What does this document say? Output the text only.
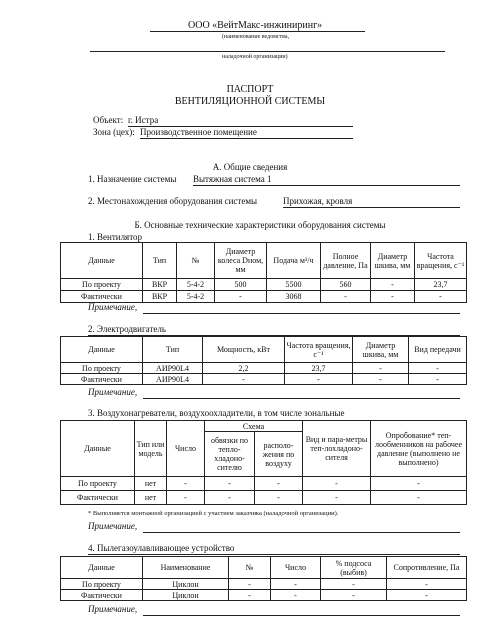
ООО «ВейтМакс-инжиниринг»
(наименование ведомства,
наладочной организации)
ПАСПОРТ
ВЕНТИЛЯЦИОННОЙ СИСТЕМЫ
Объект: г. Истра
Зона (цех): Производственное помещение
А. Общие сведения
1. Назначение системы Вытяжная система 1
2. Местонахождения оборудования системы	Прихожая, кровля
Б. Основные технические характеристики оборудования системы
1. Вентилятор
Данные	Тип	№	Диаметр колеса Dном, мм	Подача м³/ч	Полное давление, Па	Диаметр шкива, мм	Частота вращения, с⁻¹
По проекту	ВКР	5-4-2	500	5500	560	-	23,7
Фактически	ВКР	5-4-2	-	3068	-	-	-
Примечание,
2. Электродвигатель
Данные	Тип	Мощность, кВт	Частота вращения, с⁻¹	Диаметр шкива, мм	Вид передачи
По проекту	АИР90L4	2,2	23,7	-	-
Фактически	АИР90L4	-	-	-	-
Примечание,
3. Воздухонагреватели, воздухоохладители, в том числе зональные
Данные	Тип или модель	Число	Схема		Вид и пара-метры теп-лохладоно-сителя	Опробование* теп-лообменников на рабочее давление (выполнено не выполнено)
			обвязки по тепло-хладоно-сителю	располо-жения по воздуху		
По проекту	нет	-	-	-	-	-
Фактически	нет	-	-	-	-	-
* Выполняется монтажной организацией с участием заказчика (наладочной организации).
Примечание,
4. Пылегазоулавливающее устройство
Данные	Наименование	№	Число	% подсоса (выбив)	Сопротивление, Па
По проекту	Циклон	-	-	-	-
Фактически	Циклон	-	-	-	-
Примечание,
